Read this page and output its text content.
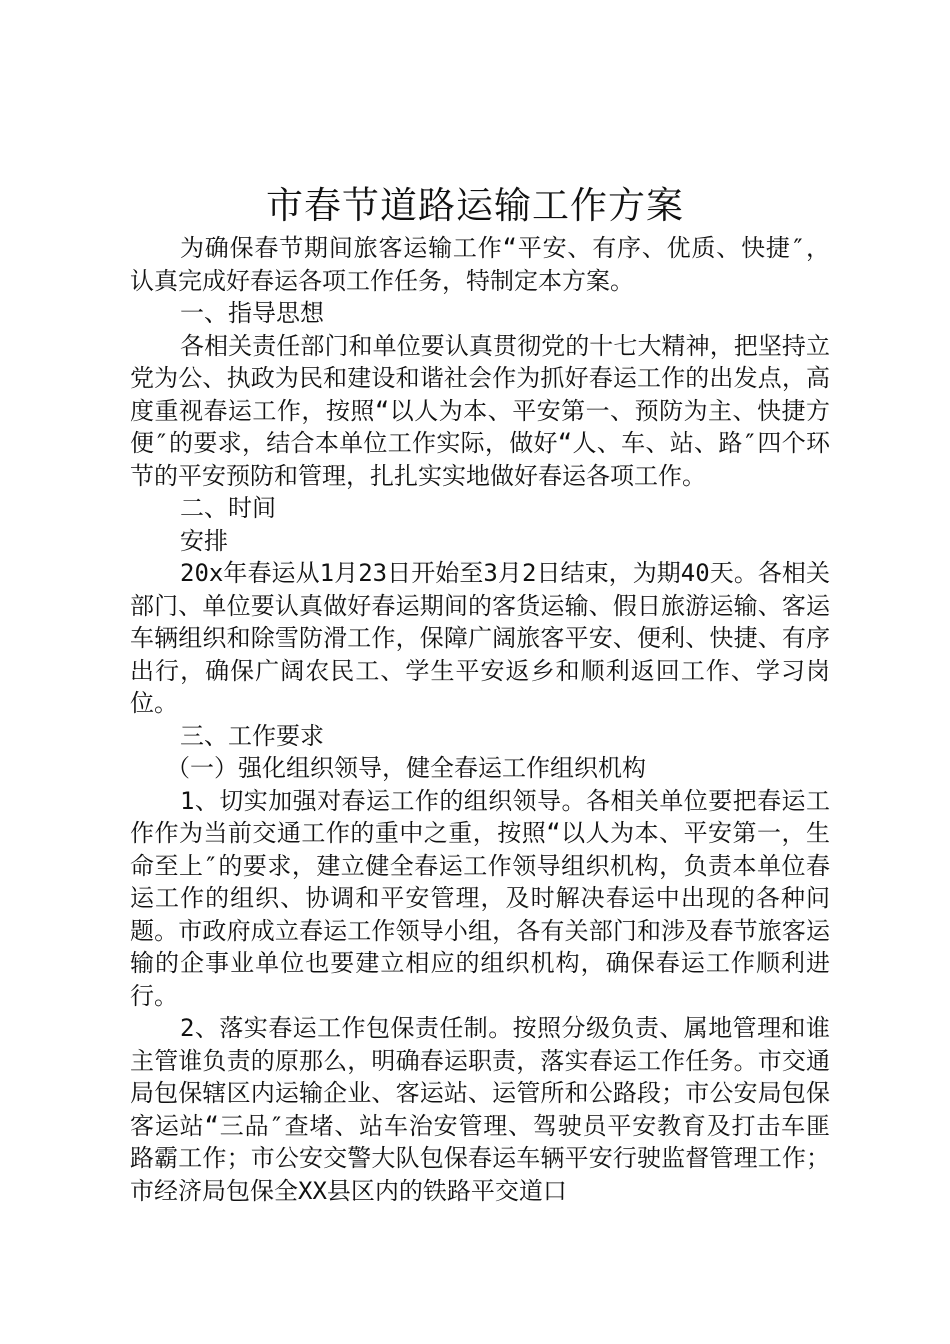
市春节道路运输工作方案

为确保春节期间旅客运输工作“平安、有序、优质、快捷″，认真完成好春运各项工作任务，特制定本方案。

一、指导思想

各相关责任部门和单位要认真贯彻党的十七大精神，把坚持立党为公、执政为民和建设和谐社会作为抓好春运工作的出发点，高度重视春运工作，按照“以人为本、平安第一、预防为主、快捷方便″的要求，结合本单位工作实际，做好“人、车、站、路″四个环节的平安预防和管理，扎扎实实地做好春运各项工作。

二、时间

安排

20x年春运从1月23日开始至3月2日结束，为期40天。各相关部门、单位要认真做好春运期间的客货运输、假日旅游运输、客运车辆组织和除雪防滑工作，保障广阔旅客平安、便利、快捷、有序出行，确保广阔农民工、学生平安返乡和顺利返回工作、学习岗位。

三、工作要求

（一）强化组织领导，健全春运工作组织机构

1、切实加强对春运工作的组织领导。各相关单位要把春运工作作为当前交通工作的重中之重，按照“以人为本、平安第一，生命至上″的要求，建立健全春运工作领导组织机构，负责本单位春运工作的组织、协调和平安管理，及时解决春运中出现的各种问题。市政府成立春运工作领导小组，各有关部门和涉及春节旅客运输的企事业单位也要建立相应的组织机构，确保春运工作顺利进行。

2、落实春运工作包保责任制。按照分级负责、属地管理和谁主管谁负责的原那么，明确春运职责，落实春运工作任务。市交通局包保辖区内运输企业、客运站、运管所和公路段；市公安局包保客运站“三品″查堵、站车治安管理、驾驶员平安教育及打击车匪路霸工作；市公安交警大队包保春运车辆平安行驶监督管理工作；市经济局包保全XX县区内的铁路平交道口
